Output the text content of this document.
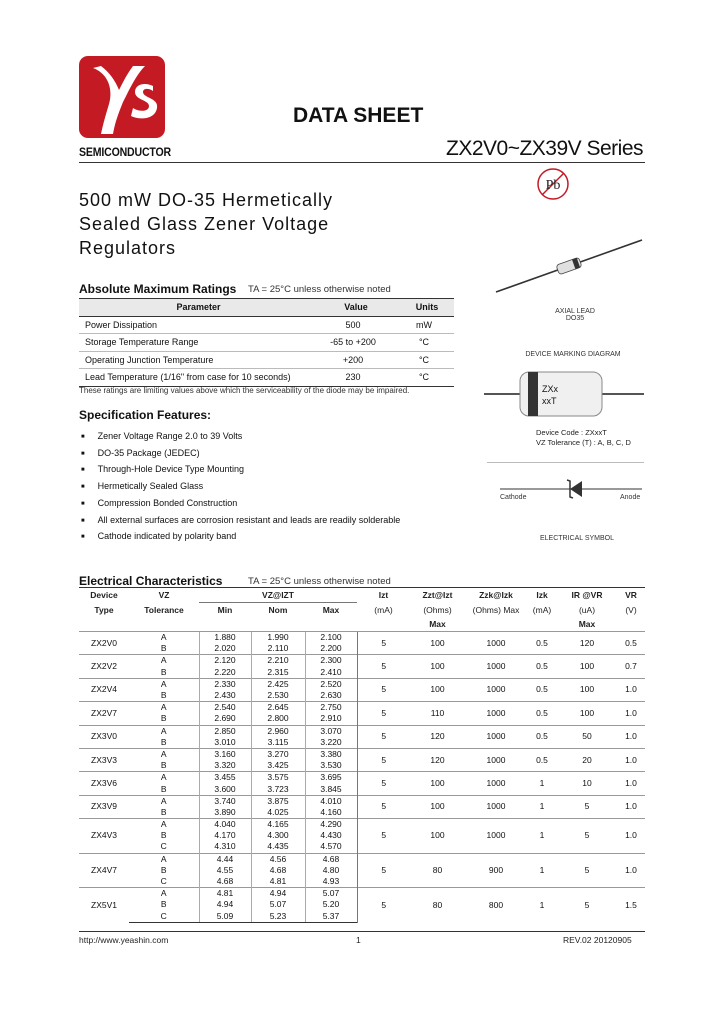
SEMICONDUCTOR
DATA SHEET
ZX2V0~ZX39V Series
Pb
500 mW DO-35 Hermetically
Sealed Glass Zener Voltage
Regulators
Absolute Maximum Ratings TA = 25°C unless otherwise noted
Parameter	Value	Units
Power Dissipation	500	mW
Storage Temperature Range	-65 to +200	°C
Operating Junction Temperature	+200	°C
Lead Temperature (1/16" from case for 10 seconds)	230	°C
These ratings are limiting values above which the serviceability of the diode may be impaired.
Specification Features:
■ Zener Voltage Range 2.0 to 39 Volts
■ DO-35 Package (JEDEC)
■ Through-Hole Device Type Mounting
■ Hermetically Sealed Glass
■ Compression Bonded Construction
■ All external surfaces are corrosion resistant and leads are readily solderable
■ Cathode indicated by polarity band
AXIAL LEAD
DO35
DEVICE MARKING DIAGRAM
ZXx
xxT
Device Code : ZXxxT
VZ Tolerance (T) : A, B, C, D
Cathode	Anode
ELECTRICAL SYMBOL
Electrical Characteristics	TA = 25°C unless otherwise noted
Device	VZ	VZ@IZT			Izt	Zzt@Izt	Zzk@Izk	Izk	IR @VR	VR
Type	Tolerance	Min	Nom	Max	(mA)	(Ohms)	(Ohms) Max	(mA)	(uA)	(V)
						Max			Max	
ZX2V0	A	1.880	1.990	2.100	5	100	1000	0.5	120	0.5
	B	2.020	2.110	2.200						
ZX2V2	A	2.120	2.210	2.300	5	100	1000	0.5	100	0.7
	B	2.220	2.315	2.410						
ZX2V4	A	2.330	2.425	2.520	5	100	1000	0.5	100	1.0
	B	2.430	2.530	2.630						
ZX2V7	A	2.540	2.645	2.750	5	110	1000	0.5	100	1.0
	B	2.690	2.800	2.910						
ZX3V0	A	2.850	2.960	3.070	5	120	1000	0.5	50	1.0
	B	3.010	3.115	3.220						
ZX3V3	A	3.160	3.270	3.380	5	120	1000	0.5	20	1.0
	B	3.320	3.425	3.530						
ZX3V6	A	3.455	3.575	3.695	5	100	1000	1	10	1.0
	B	3.600	3.723	3.845						
ZX3V9	A	3.740	3.875	4.010	5	100	1000	1	5	1.0
	B	3.890	4.025	4.160						
ZX4V3	A	4.040	4.165	4.290	5	100	1000	1	5	1.0
	B	4.170	4.300	4.430						
	C	4.310	4.435	4.570						
ZX4V7	A	4.44	4.56	4.68	5	80	900	1	5	1.0
	B	4.55	4.68	4.80						
	C	4.68	4.81	4.93						
ZX5V1	A	4.81	4.94	5.07	5	80	800	1	5	1.5
	B	4.94	5.07	5.20						
	C	5.09	5.23	5.37						
http://www.yeashin.com	1	REV.02 20120905
